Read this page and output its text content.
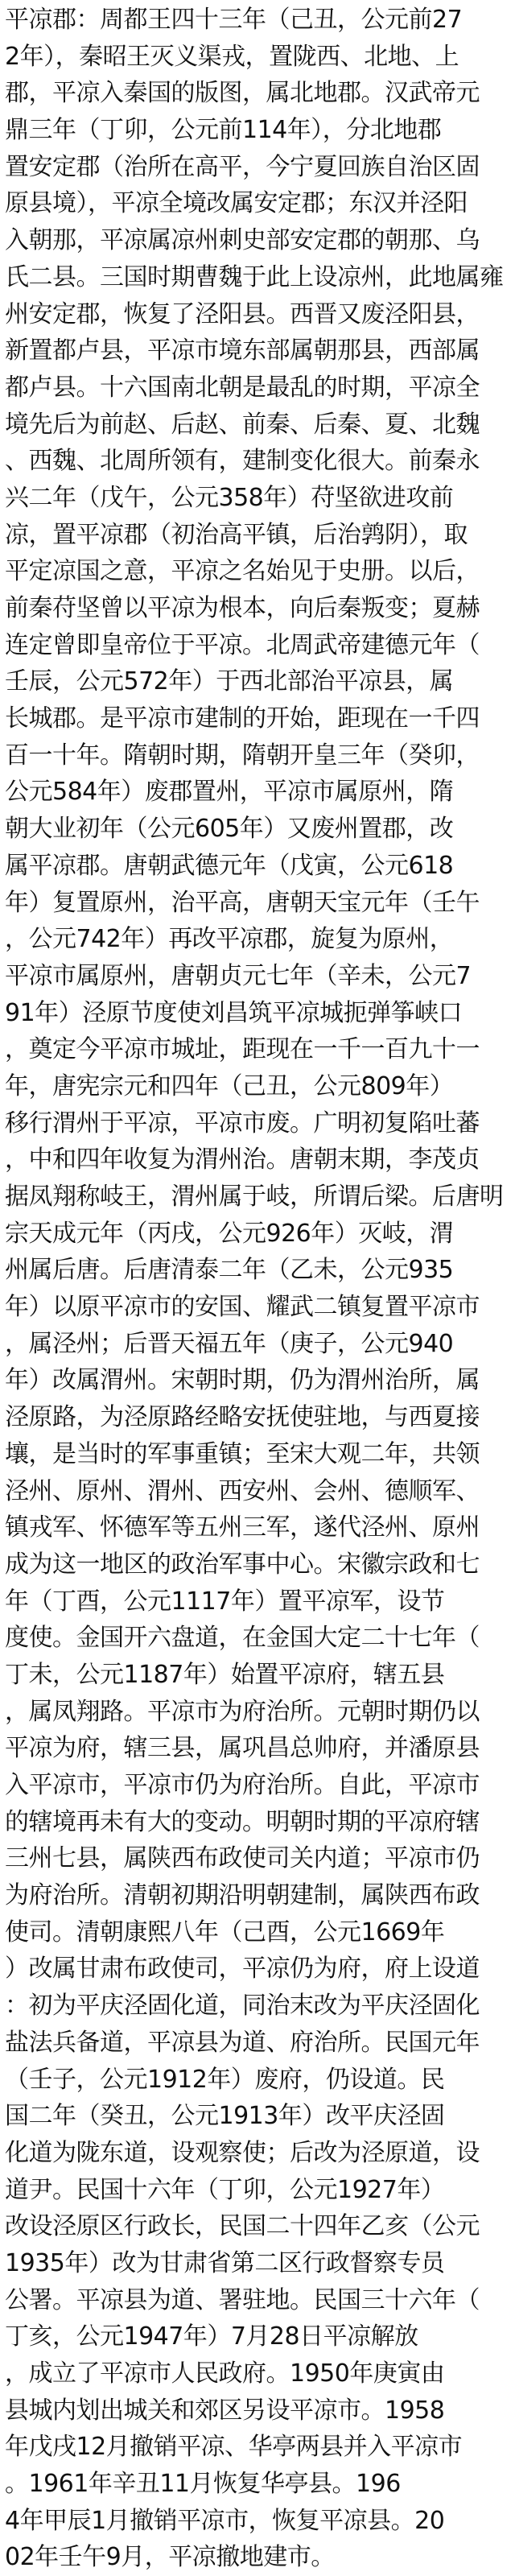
平凉郡：周都王四十三年（己丑，公元前27
2年），秦昭王灭义渠戎，置陇西、北地、上
郡，平凉入秦国的版图，属北地郡。汉武帝元
鼎三年（丁卯，公元前114年），分北地郡
置安定郡（治所在高平，今宁夏回族自治区固
原县境），平凉全境改属安定郡；东汉并泾阳
入朝那，平凉属凉州刺史部安定郡的朝那、乌
氏二县。三国时期曹魏于此上设凉州，此地属雍
州安定郡，恢复了泾阳县。西晋又废泾阳县，
新置都卢县，平凉市境东部属朝那县，西部属
都卢县。十六国南北朝是最乱的时期，平凉全
境先后为前赵、后赵、前秦、后秦、夏、北魏
、西魏、北周所领有，建制变化很大。前秦永
兴二年（戊午，公元358年）苻坚欲进攻前
凉，置平凉郡（初治高平镇，后治鹑阴），取
平定凉国之意，平凉之名始见于史册。以后，
前秦苻坚曾以平凉为根本，向后秦叛变；夏赫
连定曾即皇帝位于平凉。北周武帝建德元年（
壬辰，公元572年）于西北部治平凉县，属
长城郡。是平凉市建制的开始，距现在一千四
百一十年。隋朝时期，隋朝开皇三年（癸卯，
公元584年）废郡置州，平凉市属原州，隋
朝大业初年（公元605年）又废州置郡，改
属平凉郡。唐朝武德元年（戊寅，公元618
年）复置原州，治平高，唐朝天宝元年（壬午
，公元742年）再改平凉郡，旋复为原州，
平凉市属原州，唐朝贞元七年（辛未，公元7
91年）泾原节度使刘昌筑平凉城扼弹筝峡口
，奠定今平凉市城址，距现在一千一百九十一
年，唐宪宗元和四年（己丑，公元809年）
移行渭州于平凉，平凉市废。广明初复陷吐蕃
，中和四年收复为渭州治。唐朝末期，李茂贞
据凤翔称岐王，渭州属于岐，所谓后梁。后唐明
宗天成元年（丙戌，公元926年）灭岐，渭
州属后唐。后唐清泰二年（乙未，公元935
年）以原平凉市的安国、耀武二镇复置平凉市
，属泾州；后晋天福五年（庚子，公元940
年）改属渭州。宋朝时期，仍为渭州治所，属
泾原路，为泾原路经略安抚使驻地，与西夏接
壤，是当时的军事重镇；至宋大观二年，共领
泾州、原州、渭州、西安州、会州、德顺军、
镇戎军、怀德军等五州三军，遂代泾州、原州
成为这一地区的政治军事中心。宋徽宗政和七
年（丁酉，公元1117年）置平凉军，设节
度使。金国开六盘道，在金国大定二十七年（
丁未，公元1187年）始置平凉府，辖五县
，属凤翔路。平凉市为府治所。元朝时期仍以
平凉为府，辖三县，属巩昌总帅府，并潘原县
入平凉市，平凉市仍为府治所。自此，平凉市
的辖境再未有大的变动。明朝时期的平凉府辖
三州七县，属陕西布政使司关内道；平凉市仍
为府治所。清朝初期沿明朝建制，属陕西布政
使司。清朝康熙八年（己酉，公元1669年
）改属甘肃布政使司，平凉仍为府，府上设道
：初为平庆泾固化道，同治末改为平庆泾固化
盐法兵备道，平凉县为道、府治所。民国元年
（壬子，公元1912年）废府，仍设道。民
国二年（癸丑，公元1913年）改平庆泾固
化道为陇东道，设观察使；后改为泾原道，设
道尹。民国十六年（丁卯，公元1927年）
改设泾原区行政长，民国二十四年乙亥（公元
1935年）改为甘肃省第二区行政督察专员
公署。平凉县为道、署驻地。民国三十六年（
丁亥，公元1947年）7月28日平凉解放
，成立了平凉市人民政府。1950年庚寅由
县城内划出城关和郊区另设平凉市。1958
年戊戌12月撤销平凉、华亭两县并入平凉市
。1961年辛丑11月恢复华亭县。196
4年甲辰1月撤销平凉市，恢复平凉县。20
02年壬午9月，平凉撤地建市。
